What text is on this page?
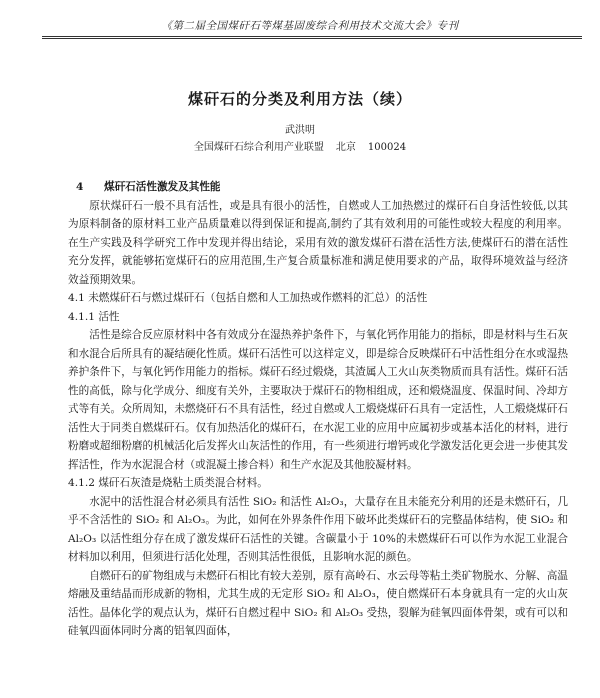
《第二届全国煤矸石等煤基固废综合利用技术交流大会》专刊
煤矸石的分类及利用方法（续）
武洪明
全国煤矸石综合利用产业联盟 北京 100024

4 煤矸石活性激发及其性能

原状煤矸石一般不具有活性，或是具有很小的活性，自燃或人工加热燃过的煤矸石自身活性较低,以其为原料制备的原材料工业产品质量难以得到保证和提高,制约了其有效利用的可能性或较大程度的利用率。在生产实践及科学研究工作中发现并得出结论，采用有效的激发煤矸石潜在活性方法,使煤矸石的潜在活性充分发挥，就能够拓宽煤矸石的应用范围,生产复合质量标准和满足使用要求的产品，取得环境效益与经济效益预期效果。

4.1 未燃煤矸石与燃过煤矸石（包括自燃和人工加热或作燃料的汇总）的活性

4.1.1 活性

活性是综合反应原材料中各有效成分在湿热养护条件下，与氧化钙作用能力的指标，即是材料与生石灰和水混合后所具有的凝结硬化性质。煤矸石活性可以这样定义，即是综合反映煤矸石中活性组分在水或湿热养护条件下，与氧化钙作用能力的指标。煤矸石经过煅烧，其渣属人工火山灰类物质而具有活性。煤矸石活性的高低，除与化学成分、细度有关外，主要取决于煤矸石的物相组成，还和煅烧温度、保温时间、冷却方式等有关。众所周知，未燃烧矸石不具有活性，经过自燃或人工煅烧煤矸石具有一定活性，人工煅烧煤矸石活性大于同类自燃煤矸石。仅有加热活化的煤矸石，在水泥工业的应用中应属初步或基本活化的材料，进行粉磨或超细粉磨的机械活化后发挥火山灰活性的作用，有一些须进行增钙或化学激发活化更会进一步使其发挥活性，作为水泥混合材（或混凝土掺合料）和生产水泥及其他胶凝材料。

4.1.2 煤矸石灰渣是烧粘土质类混合材料。

水泥中的活性混合材必须具有活性 SiO₂ 和活性 Al₂O₃，大量存在且未能充分利用的还是未燃矸石，几乎不含活性的 SiO₂ 和 Al₂O₃。为此，如何在外界条件作用下破坏此类煤矸石的完整晶体结构，使 SiO₂ 和 Al₂O₃ 以活性组分存在成了激发煤矸石活性的关键。含碳量小于 10%的未燃煤矸石可以作为水泥工业混合材料加以利用，但须进行活化处理，否则其活性很低，且影响水泥的颜色。

自燃矸石的矿物组成与未燃矸石相比有较大差别，原有高岭石、水云母等粘土类矿物脱水、分解、高温熔融及重结晶而形成新的物相，尤其生成的无定形 SiO₂ 和 Al₂O₃，使自燃煤矸石本身就具有一定的火山灰活性。晶体化学的观点认为，煤矸石自燃过程中 SiO₂ 和 Al₂O₃ 受热，裂解为硅氧四面体骨架，或有可以和硅氧四面体同时分离的铝氧四面体，
